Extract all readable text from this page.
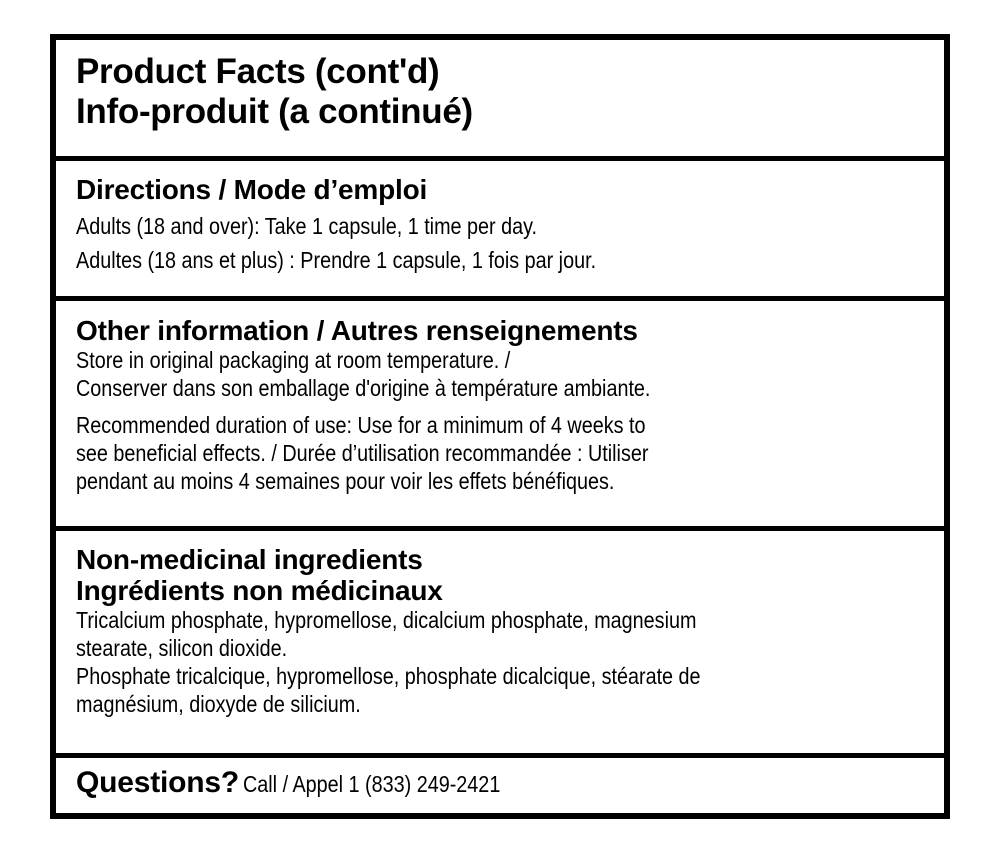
Product Facts (cont'd)
Info-produit (a continué)
Directions / Mode d’emploi
Adults (18 and over): Take 1 capsule, 1 time per day.
Adultes (18 ans et plus) : Prendre 1 capsule, 1 fois par jour.
Other information / Autres renseignements
Store in original packaging at room temperature. /
Conserver dans son emballage d'origine à température ambiante.
Recommended duration of use: Use for a minimum of 4 weeks to
see beneficial effects. / Durée d’utilisation recommandée : Utiliser
pendant au moins 4 semaines pour voir les effets bénéfiques.
Non-medicinal ingredients
Ingrédients non médicinaux
Tricalcium phosphate, hypromellose, dicalcium phosphate, magnesium
stearate, silicon dioxide.
Phosphate tricalcique, hypromellose, phosphate dicalcique, stéarate de
magnésium, dioxyde de silicium.
Questions? Call / Appel 1 (833) 249-2421
